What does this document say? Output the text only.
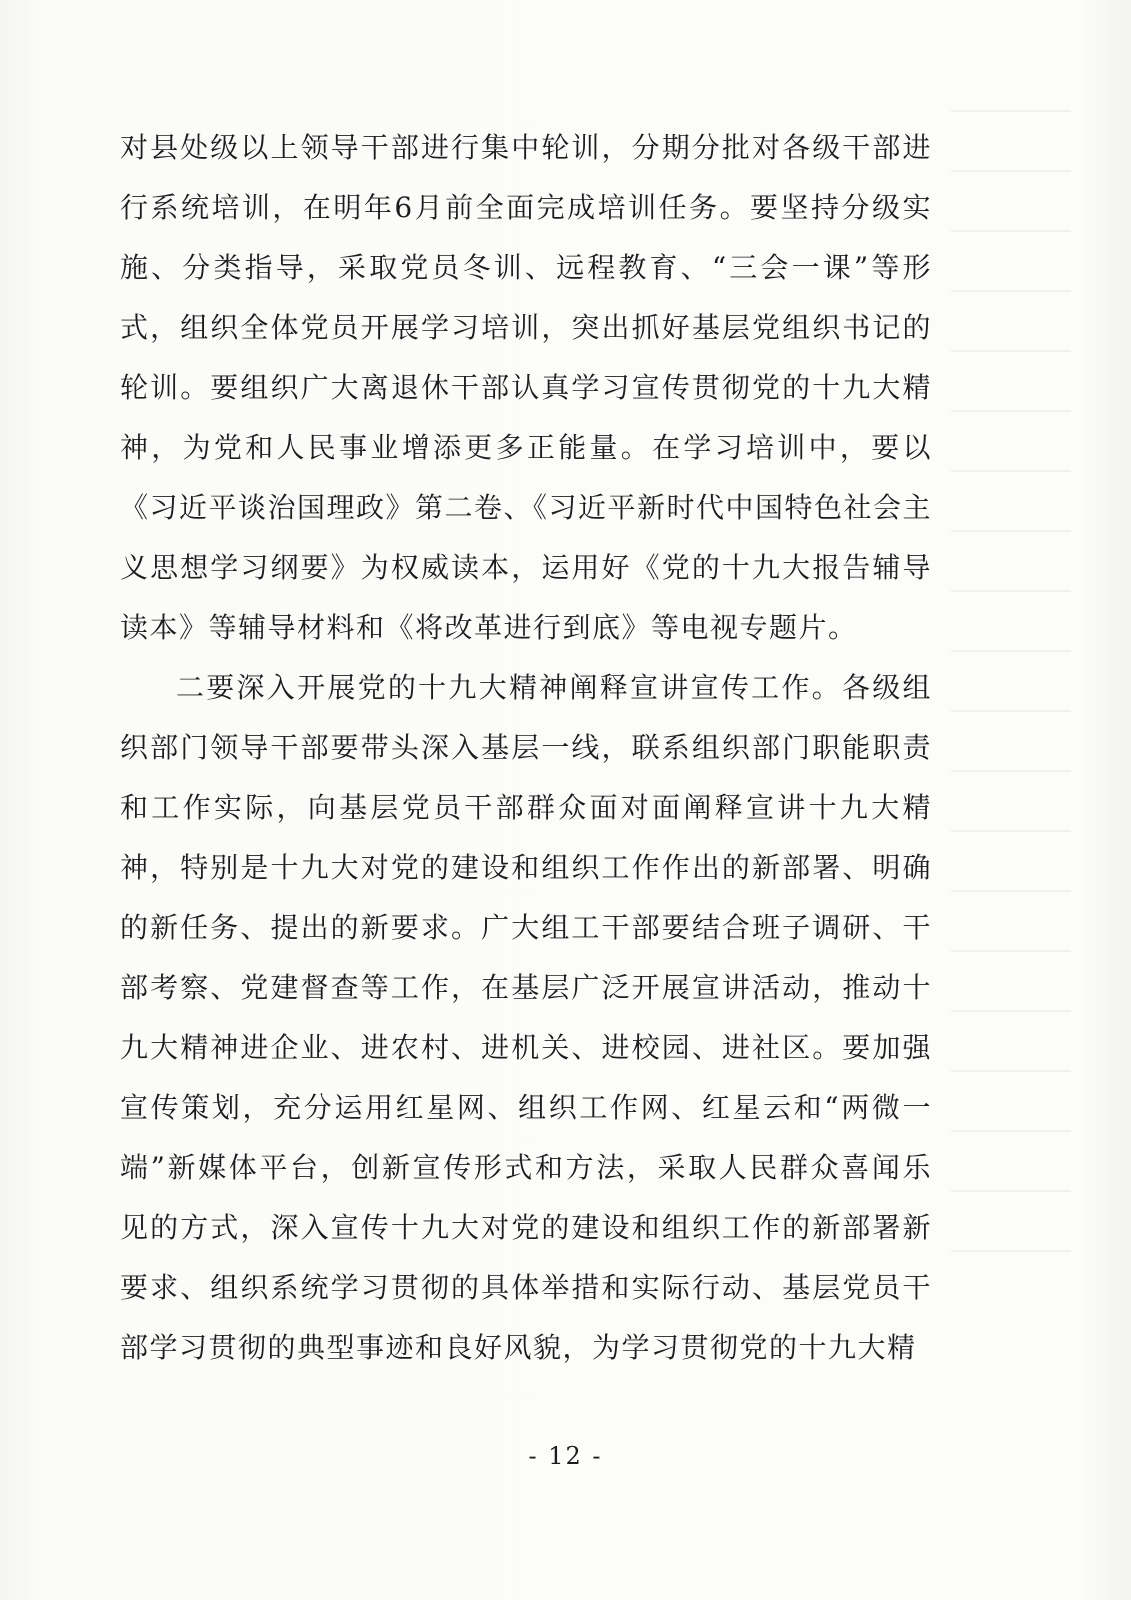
对县处级以上领导干部进行集中轮训，分期分批对各级干部进行系统培训，在明年6月前全面完成培训任务。要坚持分级实施、分类指导，采取党员冬训、远程教育、“三会一课”等形式，组织全体党员开展学习培训，突出抓好基层党组织书记的轮训。要组织广大离退休干部认真学习宣传贯彻党的十九大精神，为党和人民事业增添更多正能量。在学习培训中，要以《习近平谈治国理政》第二卷、《习近平新时代中国特色社会主义思想学习纲要》为权威读本，运用好《党的十九大报告辅导读本》等辅导材料和《将改革进行到底》等电视专题片。

二要深入开展党的十九大精神阐释宣讲宣传工作。各级组织部门领导干部要带头深入基层一线，联系组织部门职能职责和工作实际，向基层党员干部群众面对面阐释宣讲十九大精神，特别是十九大对党的建设和组织工作作出的新部署、明确的新任务、提出的新要求。广大组工干部要结合班子调研、干部考察、党建督查等工作，在基层广泛开展宣讲活动，推动十九大精神进企业、进农村、进机关、进校园、进社区。要加强宣传策划，充分运用红星网、组织工作网、红星云和“两微一端”新媒体平台，创新宣传形式和方法，采取人民群众喜闻乐见的方式，深入宣传十九大对党的建设和组织工作的新部署新要求、组织系统学习贯彻的具体举措和实际行动、基层党员干部学习贯彻的典型事迹和良好风貌，为学习贯彻党的十九大精

- 12 -
